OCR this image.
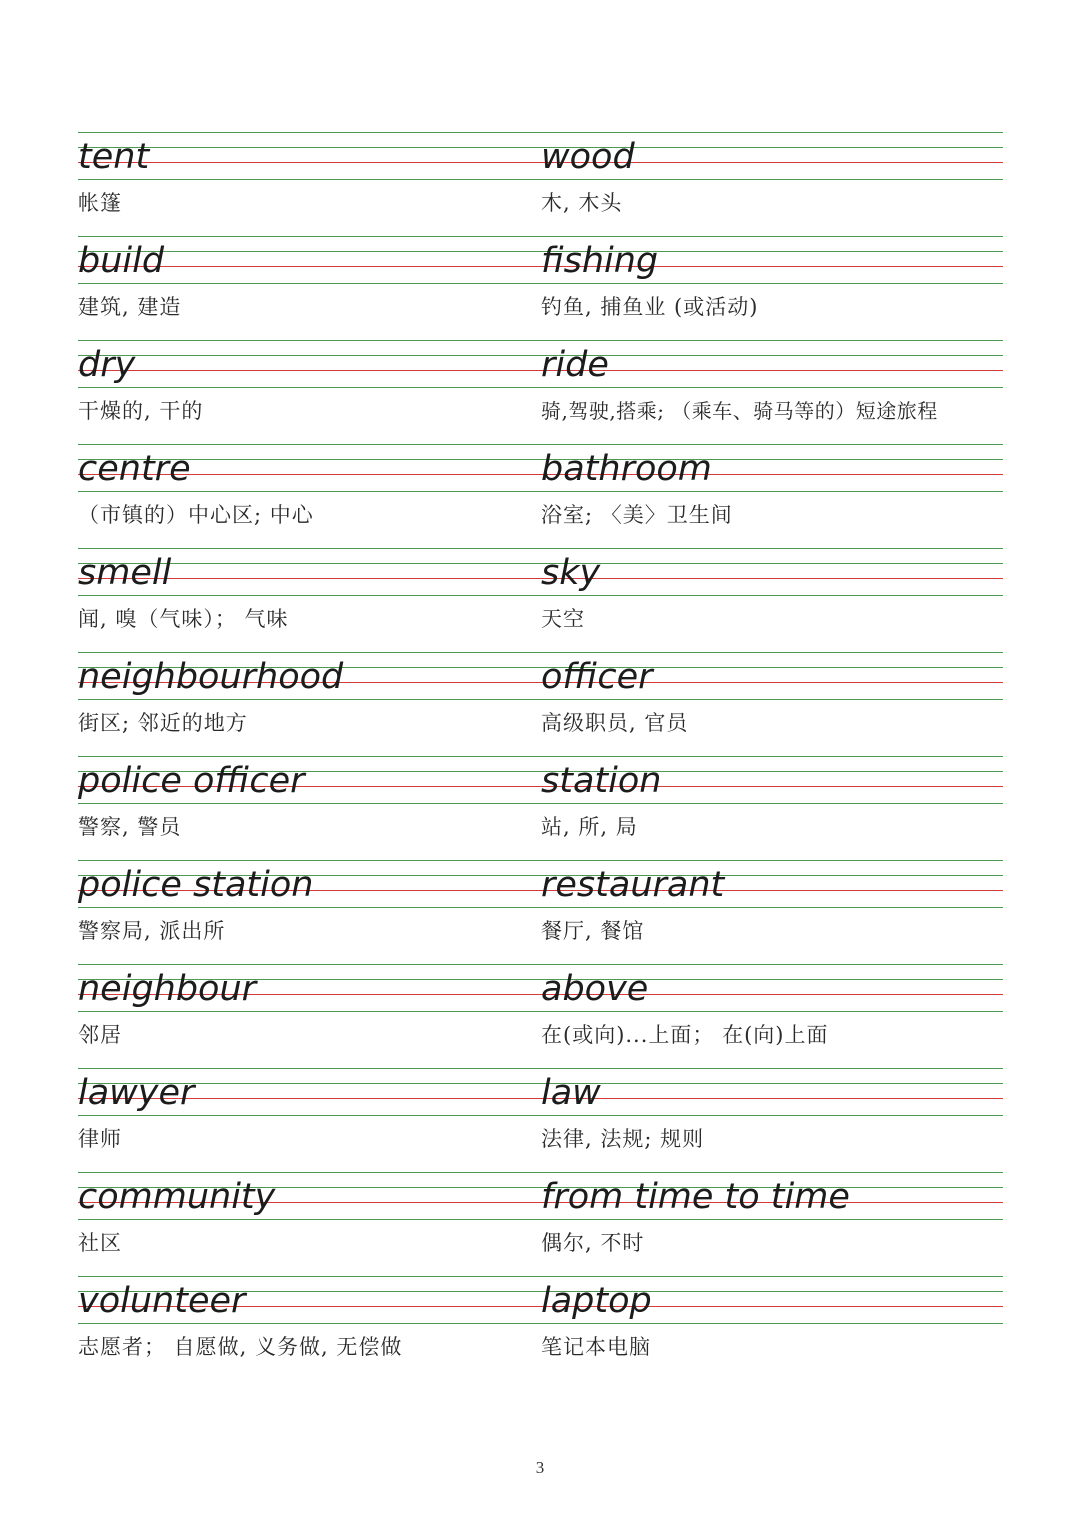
tent
帐篷
wood
木, 木头
build
建筑, 建造
fishing
钓鱼, 捕鱼业 (或活动)
dry
干燥的, 干的
ride
骑,驾驶,搭乘; （乘车、骑马等的）短途旅程
centre
（市镇的）中心区; 中心
bathroom
浴室; 〈美〉卫生间
smell
闻, 嗅（气味）； 气味
sky
天空
neighbourhood
街区; 邻近的地方
officer
高级职员, 官员
police officer
警察, 警员
station
站, 所, 局
police station
警察局, 派出所
restaurant
餐厅, 餐馆
neighbour
邻居
above
在(或向)...上面； 在(向)上面
lawyer
律师
law
法律, 法规; 规则
community
社区
from time to time
偶尔, 不时
volunteer
志愿者； 自愿做, 义务做, 无偿做
laptop
笔记本电脑
3
